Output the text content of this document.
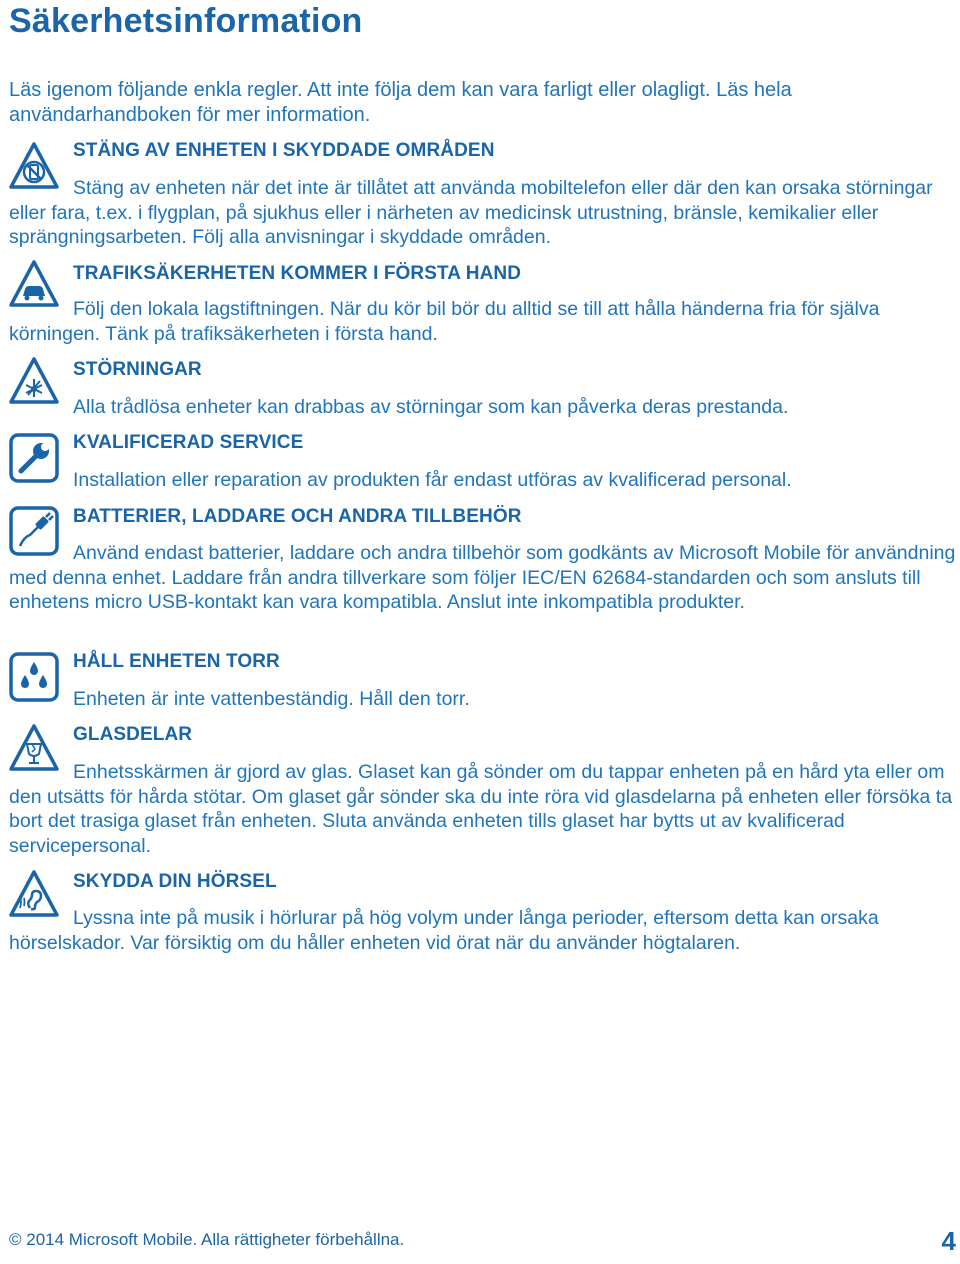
Säkerhetsinformation

Läs igenom följande enkla regler. Att inte följa dem kan vara farligt eller olagligt. Läs hela användarhandboken för mer information.

STÄNG AV ENHETEN I SKYDDADE OMRÅDEN

Stäng av enheten när det inte är tillåtet att använda mobiltelefon eller där den kan orsaka störningar eller fara, t.ex. i flygplan, på sjukhus eller i närheten av medicinsk utrustning, bränsle, kemikalier eller sprängningsarbeten. Följ alla anvisningar i skyddade områden.

TRAFIKSÄKERHETEN KOMMER I FÖRSTA HAND

Följ den lokala lagstiftningen. När du kör bil bör du alltid se till att hålla händerna fria för själva körningen. Tänk på trafiksäkerheten i första hand.

STÖRNINGAR

Alla trådlösa enheter kan drabbas av störningar som kan påverka deras prestanda.

KVALIFICERAD SERVICE

Installation eller reparation av produkten får endast utföras av kvalificerad personal.

BATTERIER, LADDARE OCH ANDRA TILLBEHÖR

Använd endast batterier, laddare och andra tillbehör som godkänts av Microsoft Mobile för användning med denna enhet. Laddare från andra tillverkare som följer IEC/EN 62684-standarden och som ansluts till enhetens micro USB-kontakt kan vara kompatibla. Anslut inte inkompatibla produkter.

HÅLL ENHETEN TORR

Enheten är inte vattenbeständig. Håll den torr.

GLASDELAR

Enhetsskärmen är gjord av glas. Glaset kan gå sönder om du tappar enheten på en hård yta eller om den utsätts för hårda stötar. Om glaset går sönder ska du inte röra vid glasdelarna på enheten eller försöka ta bort det trasiga glaset från enheten. Sluta använda enheten tills glaset har bytts ut av kvalificerad servicepersonal.

SKYDDA DIN HÖRSEL

Lyssna inte på musik i hörlurar på hög volym under långa perioder, eftersom detta kan orsaka hörselskador. Var försiktig om du håller enheten vid örat när du använder högtalaren.

© 2014 Microsoft Mobile. Alla rättigheter förbehållna.	4
